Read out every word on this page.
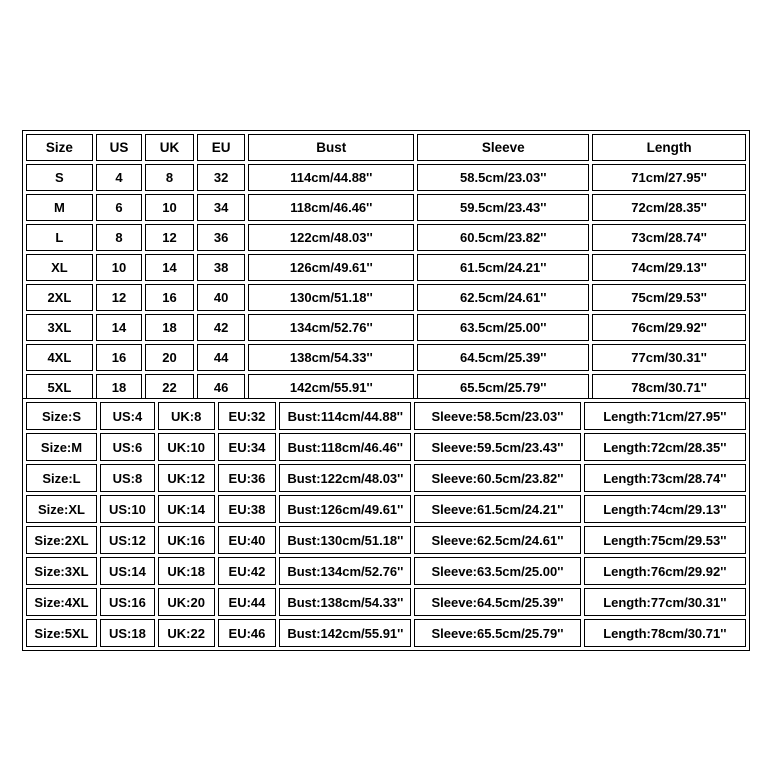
Size	US	UK	EU	Bust	Sleeve	Length
S	4	8	32	114cm/44.88''	58.5cm/23.03''	71cm/27.95''
M	6	10	34	118cm/46.46''	59.5cm/23.43''	72cm/28.35''
L	8	12	36	122cm/48.03''	60.5cm/23.82''	73cm/28.74''
XL	10	14	38	126cm/49.61''	61.5cm/24.21''	74cm/29.13''
2XL	12	16	40	130cm/51.18''	62.5cm/24.61''	75cm/29.53''
3XL	14	18	42	134cm/52.76''	63.5cm/25.00''	76cm/29.92''
4XL	16	20	44	138cm/54.33''	64.5cm/25.39''	77cm/30.31''
5XL	18	22	46	142cm/55.91''	65.5cm/25.79''	78cm/30.71''
Size:S	US:4	UK:8	EU:32	Bust:114cm/44.88''	Sleeve:58.5cm/23.03''	Length:71cm/27.95''
Size:M	US:6	UK:10	EU:34	Bust:118cm/46.46''	Sleeve:59.5cm/23.43''	Length:72cm/28.35''
Size:L	US:8	UK:12	EU:36	Bust:122cm/48.03''	Sleeve:60.5cm/23.82''	Length:73cm/28.74''
Size:XL	US:10	UK:14	EU:38	Bust:126cm/49.61''	Sleeve:61.5cm/24.21''	Length:74cm/29.13''
Size:2XL	US:12	UK:16	EU:40	Bust:130cm/51.18''	Sleeve:62.5cm/24.61''	Length:75cm/29.53''
Size:3XL	US:14	UK:18	EU:42	Bust:134cm/52.76''	Sleeve:63.5cm/25.00''	Length:76cm/29.92''
Size:4XL	US:16	UK:20	EU:44	Bust:138cm/54.33''	Sleeve:64.5cm/25.39''	Length:77cm/30.31''
Size:5XL	US:18	UK:22	EU:46	Bust:142cm/55.91''	Sleeve:65.5cm/25.79''	Length:78cm/30.71''
